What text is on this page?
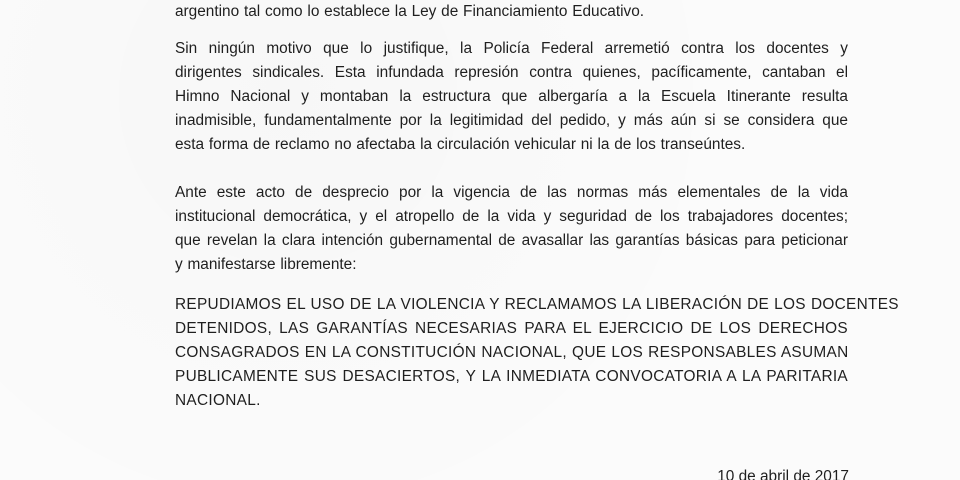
argentino tal como lo establece la Ley de Financiamiento Educativo.
Sin ningún motivo que lo justifique, la Policía Federal arremetió contra los docentes y
dirigentes sindicales. Esta infundada represión contra quienes, pacíficamente, cantaban el
Himno Nacional y montaban la estructura que albergaría a la Escuela Itinerante resulta
inadmisible, fundamentalmente por la legitimidad del pedido, y más aún si se considera que
esta forma de reclamo no afectaba la circulación vehicular ni la de los transeúntes.
Ante este acto de desprecio por la vigencia de las normas más elementales de la vida
institucional democrática, y el atropello de la vida y seguridad de los trabajadores docentes;
que revelan la clara intención gubernamental de avasallar las garantías básicas para peticionar
y manifestarse libremente:
REPUDIAMOS EL USO DE LA VIOLENCIA Y RECLAMAMOS LA LIBERACIÓN DE LOS DOCENTES
DETENIDOS, LAS GARANTÍAS NECESARIAS PARA EL EJERCICIO DE LOS DERECHOS
CONSAGRADOS EN LA CONSTITUCIÓN NACIONAL, QUE LOS RESPONSABLES ASUMAN
PUBLICAMENTE SUS DESACIERTOS, Y LA INMEDIATA CONVOCATORIA A LA PARITARIA
NACIONAL.
10 de abril de 2017
